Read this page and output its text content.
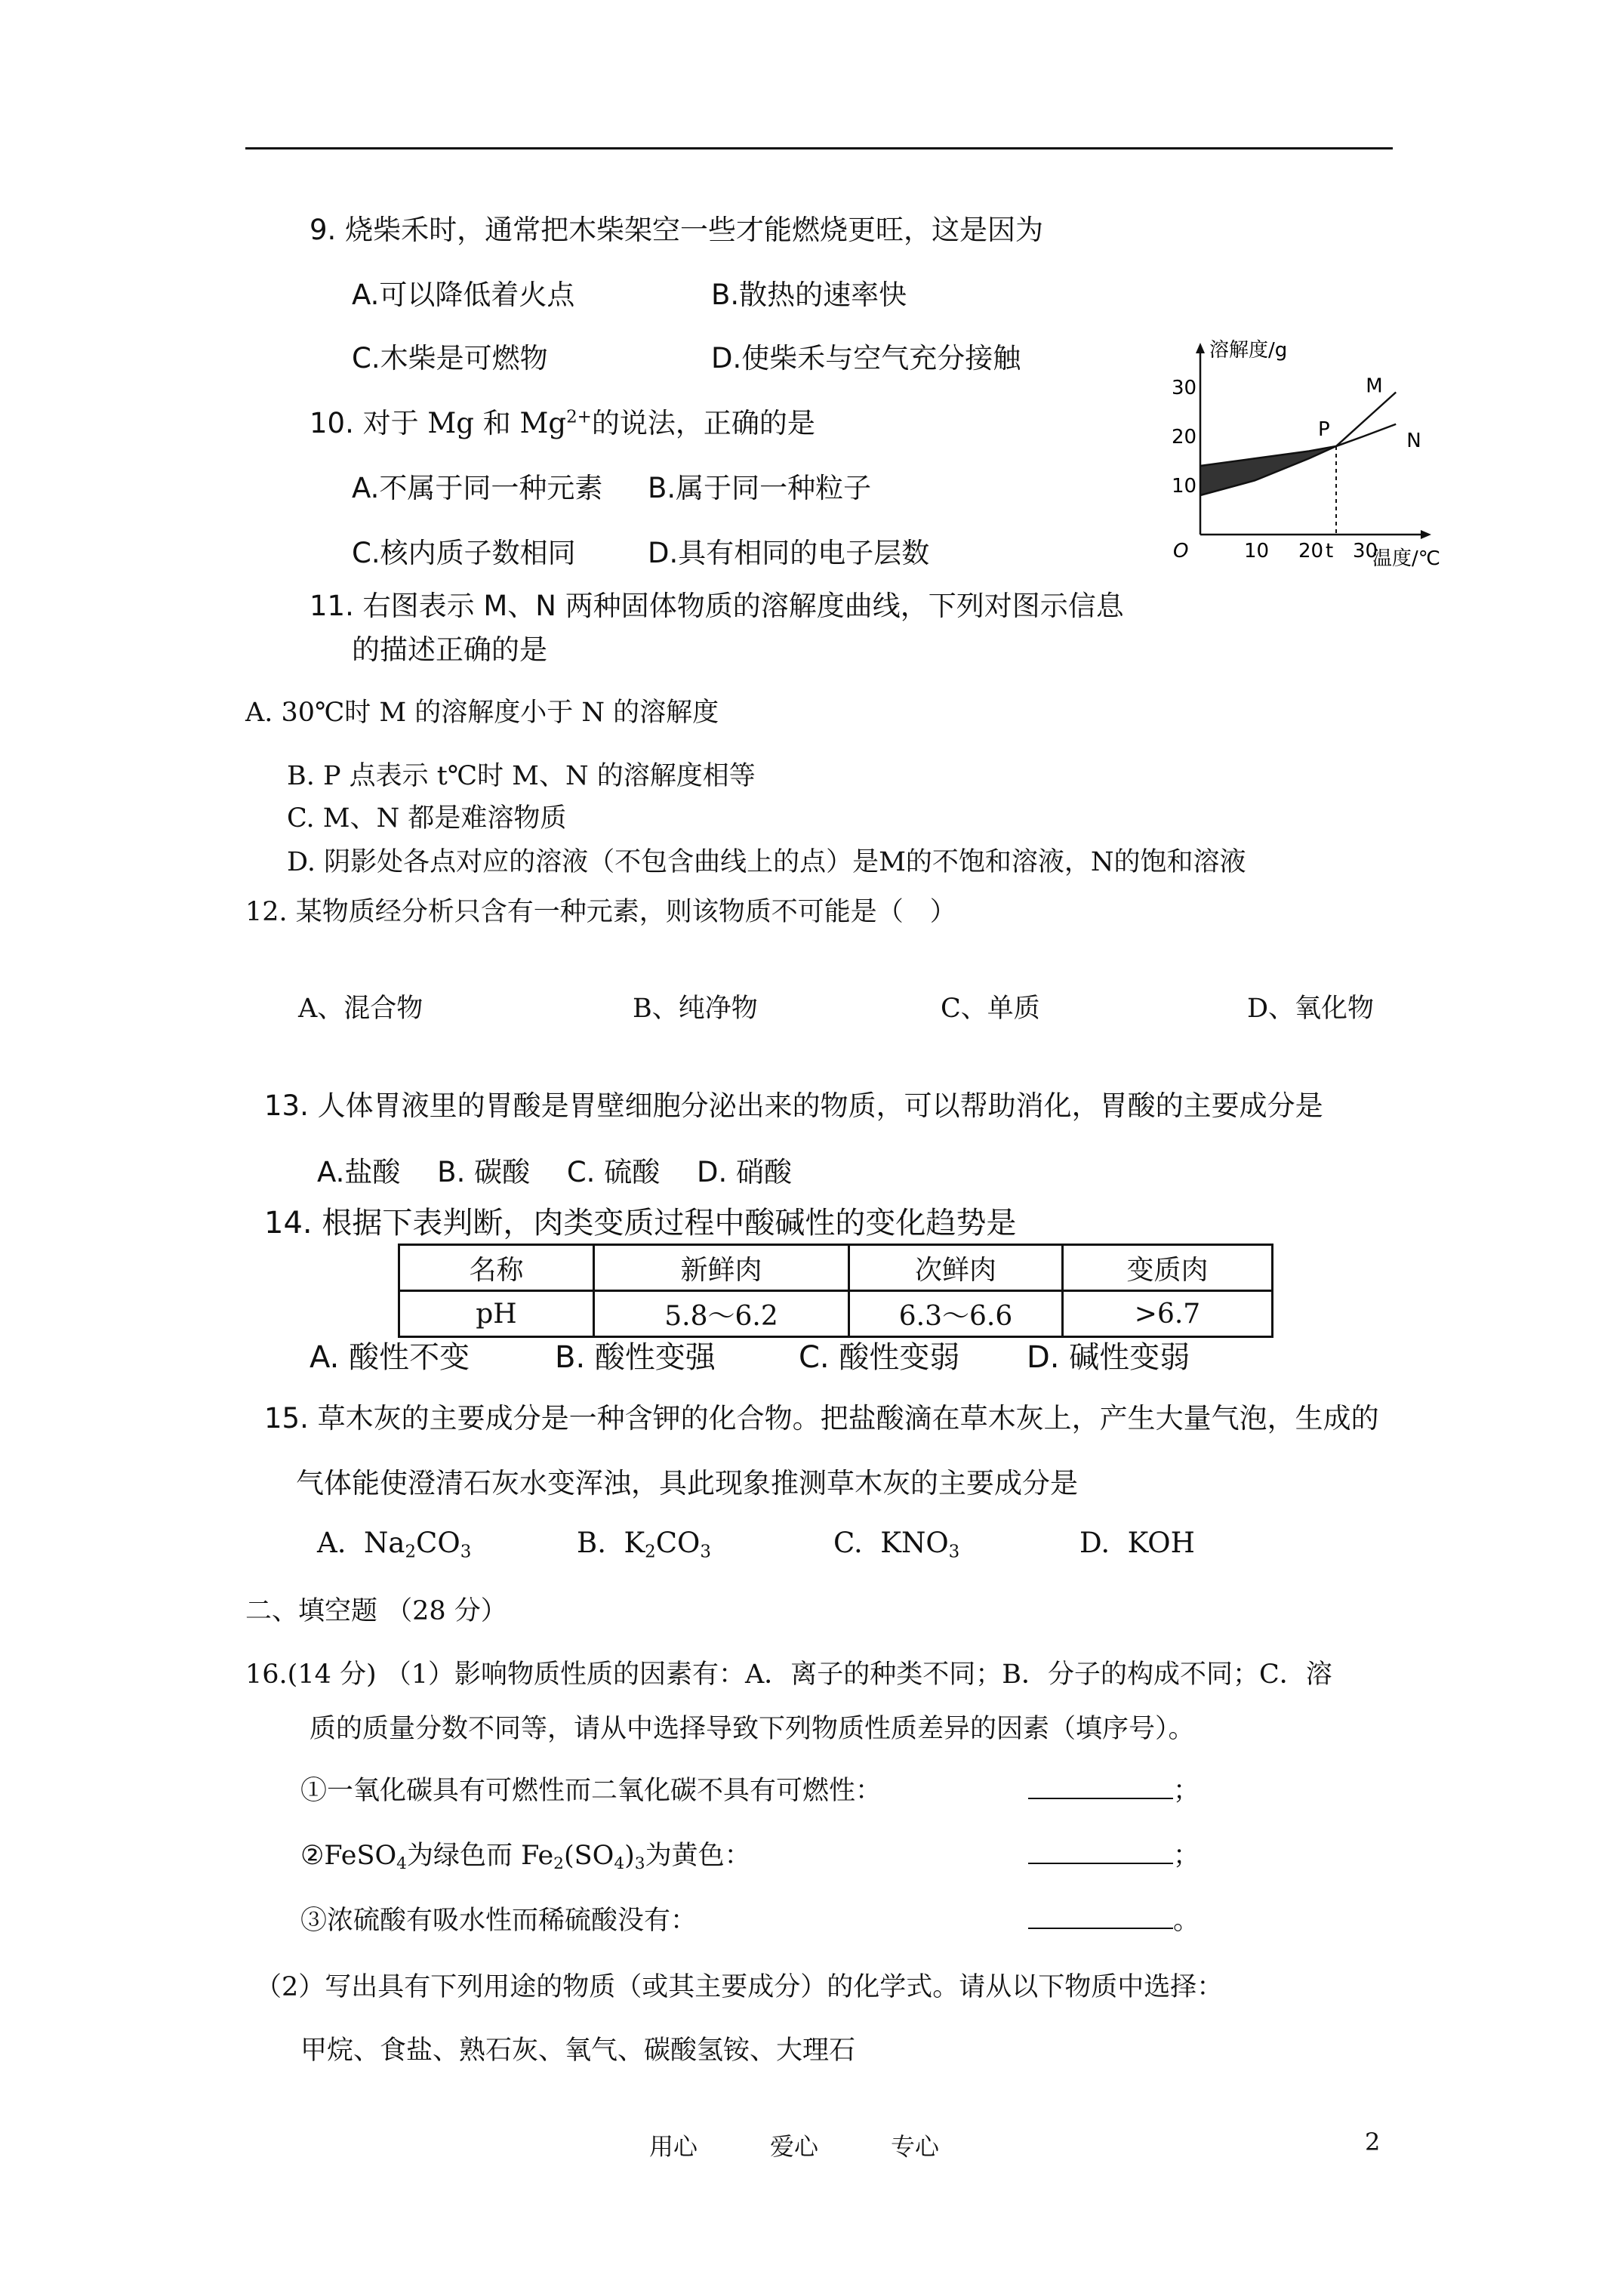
9. 烧柴禾时，通常把木柴架空一些才能燃烧更旺，这是因为
A.可以降低着火点	B.散热的速率快
C.木柴是可燃物	D.使柴禾与空气充分接触
10. 对于 Mg 和 $Mg^{2+}$的说法，正确的是
A.不属于同一种元素 B.属于同一种粒子
C.核内质子数相同	D.具有相同的电子层数
M
N
P
10
20
30
O	10 20 t 30
溶解度/g
温度/℃
11. 右图表示 M、N 两种固体物质的溶解度曲线，下列对图示信息
的描述正确的是
A. 30℃时 M 的溶解度小于 N 的溶解度
B. P 点表示 t℃时 M、N 的溶解度相等
C. M、N 都是难溶物质
D. 阴影处各点对应的溶液（不包含曲线上的点）是M的不饱和溶液，N的饱和溶液
12. 某物质经分析只含有一种元素，则该物质不可能是（　）
A、混合物	B、纯净物	C、单质	D、氧化物
13. 人体胃液里的胃酸是胃壁细胞分泌出来的物质，可以帮助消化，胃酸的主要成分是
A.盐酸　 B. 碳酸　 C. 硫酸　 D. 硝酸
14. 根据下表判断，肉类变质过程中酸碱性的变化趋势是
名称	新鲜肉	次鲜肉	变质肉
pH	5.8～6.2	6.3～6.6	>6.7
A. 酸性不变	B. 酸性变强	C. 酸性变弱 D. 碱性变弱
15. 草木灰的主要成分是一种含钾的化合物。把盐酸滴在草木灰上，产生大量气泡，生成的
气体能使澄清石灰水变浑浊，具此现象推测草木灰的主要成分是
A. $Na_2CO_3$	B. $K_2CO_3$	C. $KNO_3$	D. KOH
二、填空题 （28 分）
16.(14 分) （1）影响物质性质的因素有：A．离子的种类不同；B．分子的构成不同；C．溶
质的质量分数不同等，请从中选择导致下列物质性质差异的因素（填序号）。
①一氧化碳具有可燃性而二氧化碳不具有可燃性：	；
②FeSO$_4$为绿色而 $Fe_2(SO_4)_3$为黄色：	；
③浓硫酸有吸水性而稀硫酸没有：	。
（2）写出具有下列用途的物质（或其主要成分）的化学式。请从以下物质中选择：
甲烷、食盐、熟石灰、氧气、碳酸氢铵、大理石
用心　　　爱心　　　专心	2
